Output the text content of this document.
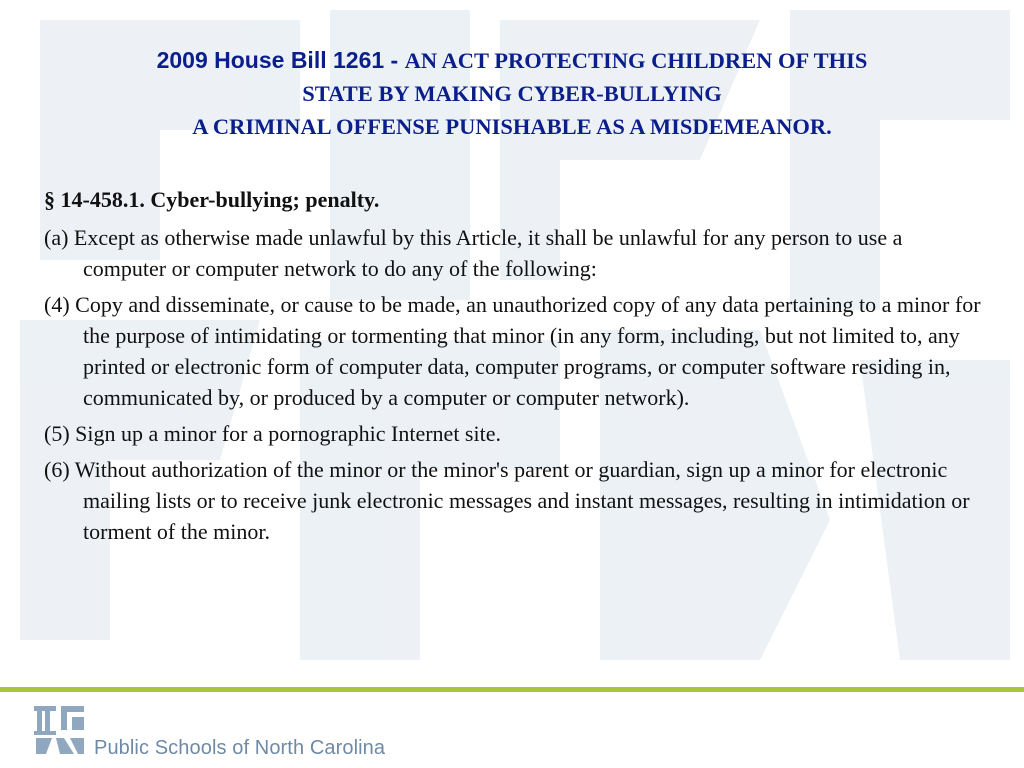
2009 House Bill 1261 - AN ACT PROTECTING CHILDREN OF THIS
STATE BY MAKING CYBER-BULLYING
A CRIMINAL OFFENSE PUNISHABLE AS A MISDEMEANOR.
§ 14-458.1. Cyber-bullying; penalty.

(a) Except as otherwise made unlawful by this Article, it shall be unlawful for any person to use a computer or computer network to do any of the following:

(4) Copy and disseminate, or cause to be made, an unauthorized copy of any data pertaining to a minor for the purpose of intimidating or tormenting that minor (in any form, including, but not limited to, any printed or electronic form of computer data, computer programs, or computer software residing in, communicated by, or produced by a computer or computer network).

(5) Sign up a minor for a pornographic Internet site.

(6) Without authorization of the minor or the minor's parent or guardian, sign up a minor for electronic mailing lists or to receive junk electronic messages and instant messages, resulting in intimidation or torment of the minor.

Public Schools of North Carolina
